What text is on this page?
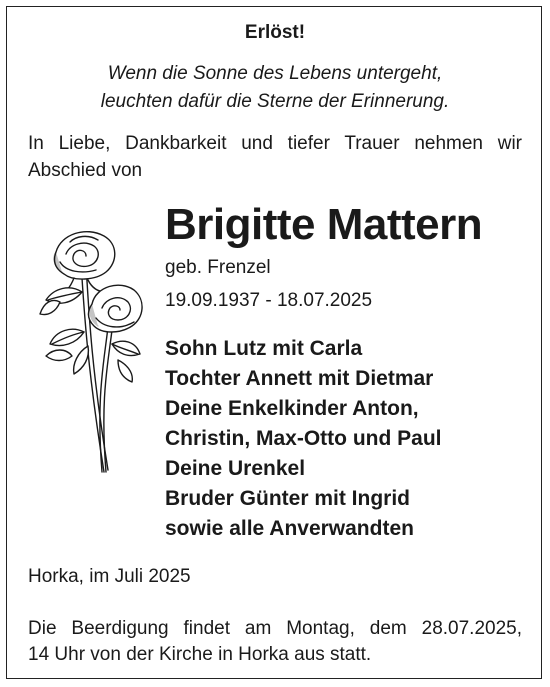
Erlöst!
Wenn die Sonne des Lebens untergeht,
leuchten dafür die Sterne der Erinnerung.
In Liebe, Dankbarkeit und tiefer Trauer nehmen wir
Abschied von
Brigitte Mattern
geb. Frenzel
19.09.1937 - 18.07.2025
Sohn Lutz mit Carla
Tochter Annett mit Dietmar
Deine Enkelkinder Anton,
Christin, Max-Otto und Paul
Deine Urenkel
Bruder Günter mit Ingrid
sowie alle Anverwandten
Horka, im Juli 2025
Die Beerdigung findet am Montag, dem 28.07.2025,
14 Uhr von der Kirche in Horka aus statt.
